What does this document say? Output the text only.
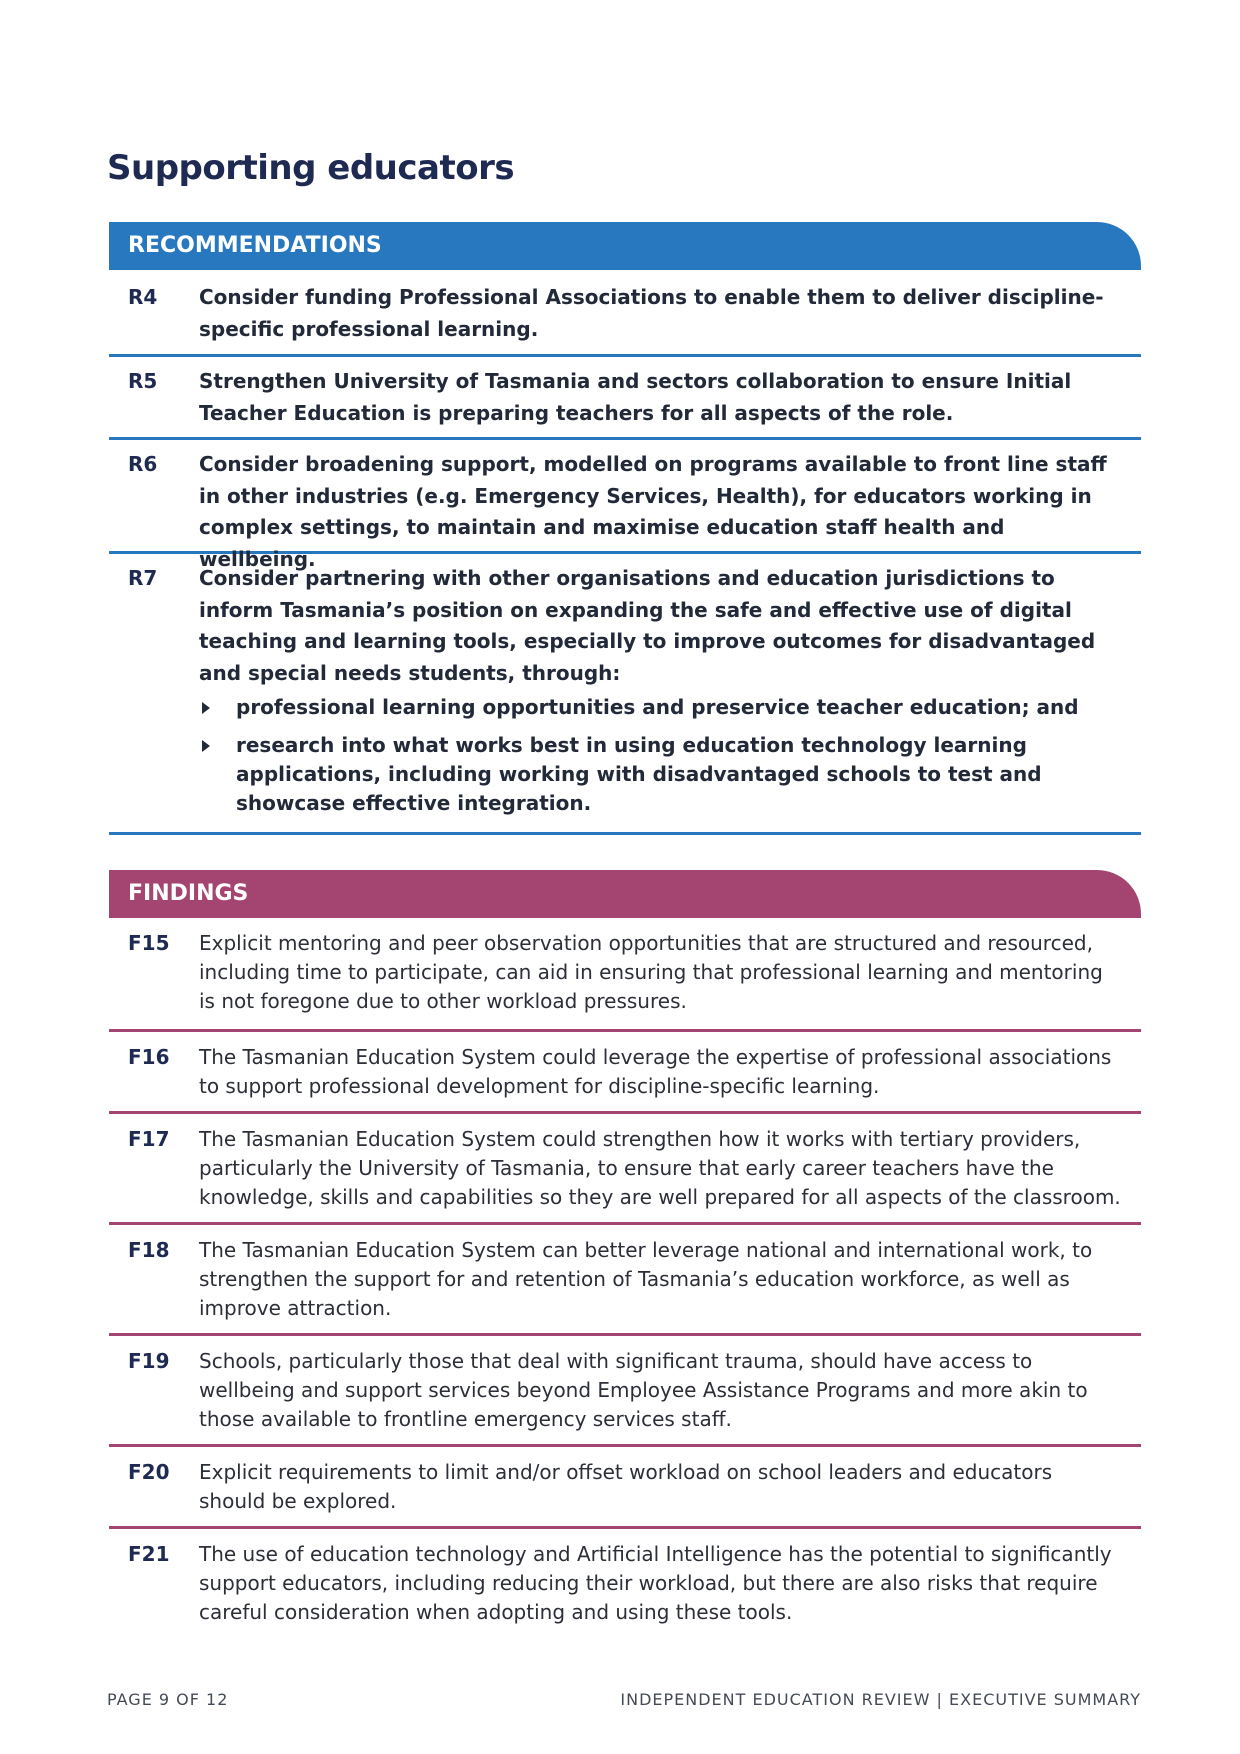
Supporting educators
RECOMMENDATIONS
R4	Consider funding Professional Associations to enable them to deliver discipline-specific professional learning.
R5	Strengthen University of Tasmania and sectors collaboration to ensure Initial Teacher Education is preparing teachers for all aspects of the role.
R6	Consider broadening support, modelled on programs available to front line staff in other industries (e.g. Emergency Services, Health), for educators working in complex settings, to maintain and maximise education staff health and wellbeing.
R7	Consider partnering with other organisations and education jurisdictions to inform Tasmania’s position on expanding the safe and effective use of digital teaching and learning tools, especially to improve outcomes for disadvantaged and special needs students, through:
professional learning opportunities and preservice teacher education; and
research into what works best in using education technology learning applications, including working with disadvantaged schools to test and showcase effective integration.
FINDINGS
F15	Explicit mentoring and peer observation opportunities that are structured and resourced, including time to participate, can aid in ensuring that professional learning and mentoring is not foregone due to other workload pressures.
F16	The Tasmanian Education System could leverage the expertise of professional associations to support professional development for discipline-specific learning.
F17	The Tasmanian Education System could strengthen how it works with tertiary providers, particularly the University of Tasmania, to ensure that early career teachers have the knowledge, skills and capabilities so they are well prepared for all aspects of the classroom.
F18	The Tasmanian Education System can better leverage national and international work, to strengthen the support for and retention of Tasmania’s education workforce, as well as improve attraction.
F19	Schools, particularly those that deal with significant trauma, should have access to wellbeing and support services beyond Employee Assistance Programs and more akin to those available to frontline emergency services staff.
F20	Explicit requirements to limit and/or offset workload on school leaders and educators should be explored.
F21	The use of education technology and Artificial Intelligence has the potential to significantly support educators, including reducing their workload, but there are also risks that require careful consideration when adopting and using these tools.
PAGE 9 OF 12	INDEPENDENT EDUCATION REVIEW | EXECUTIVE SUMMARY
